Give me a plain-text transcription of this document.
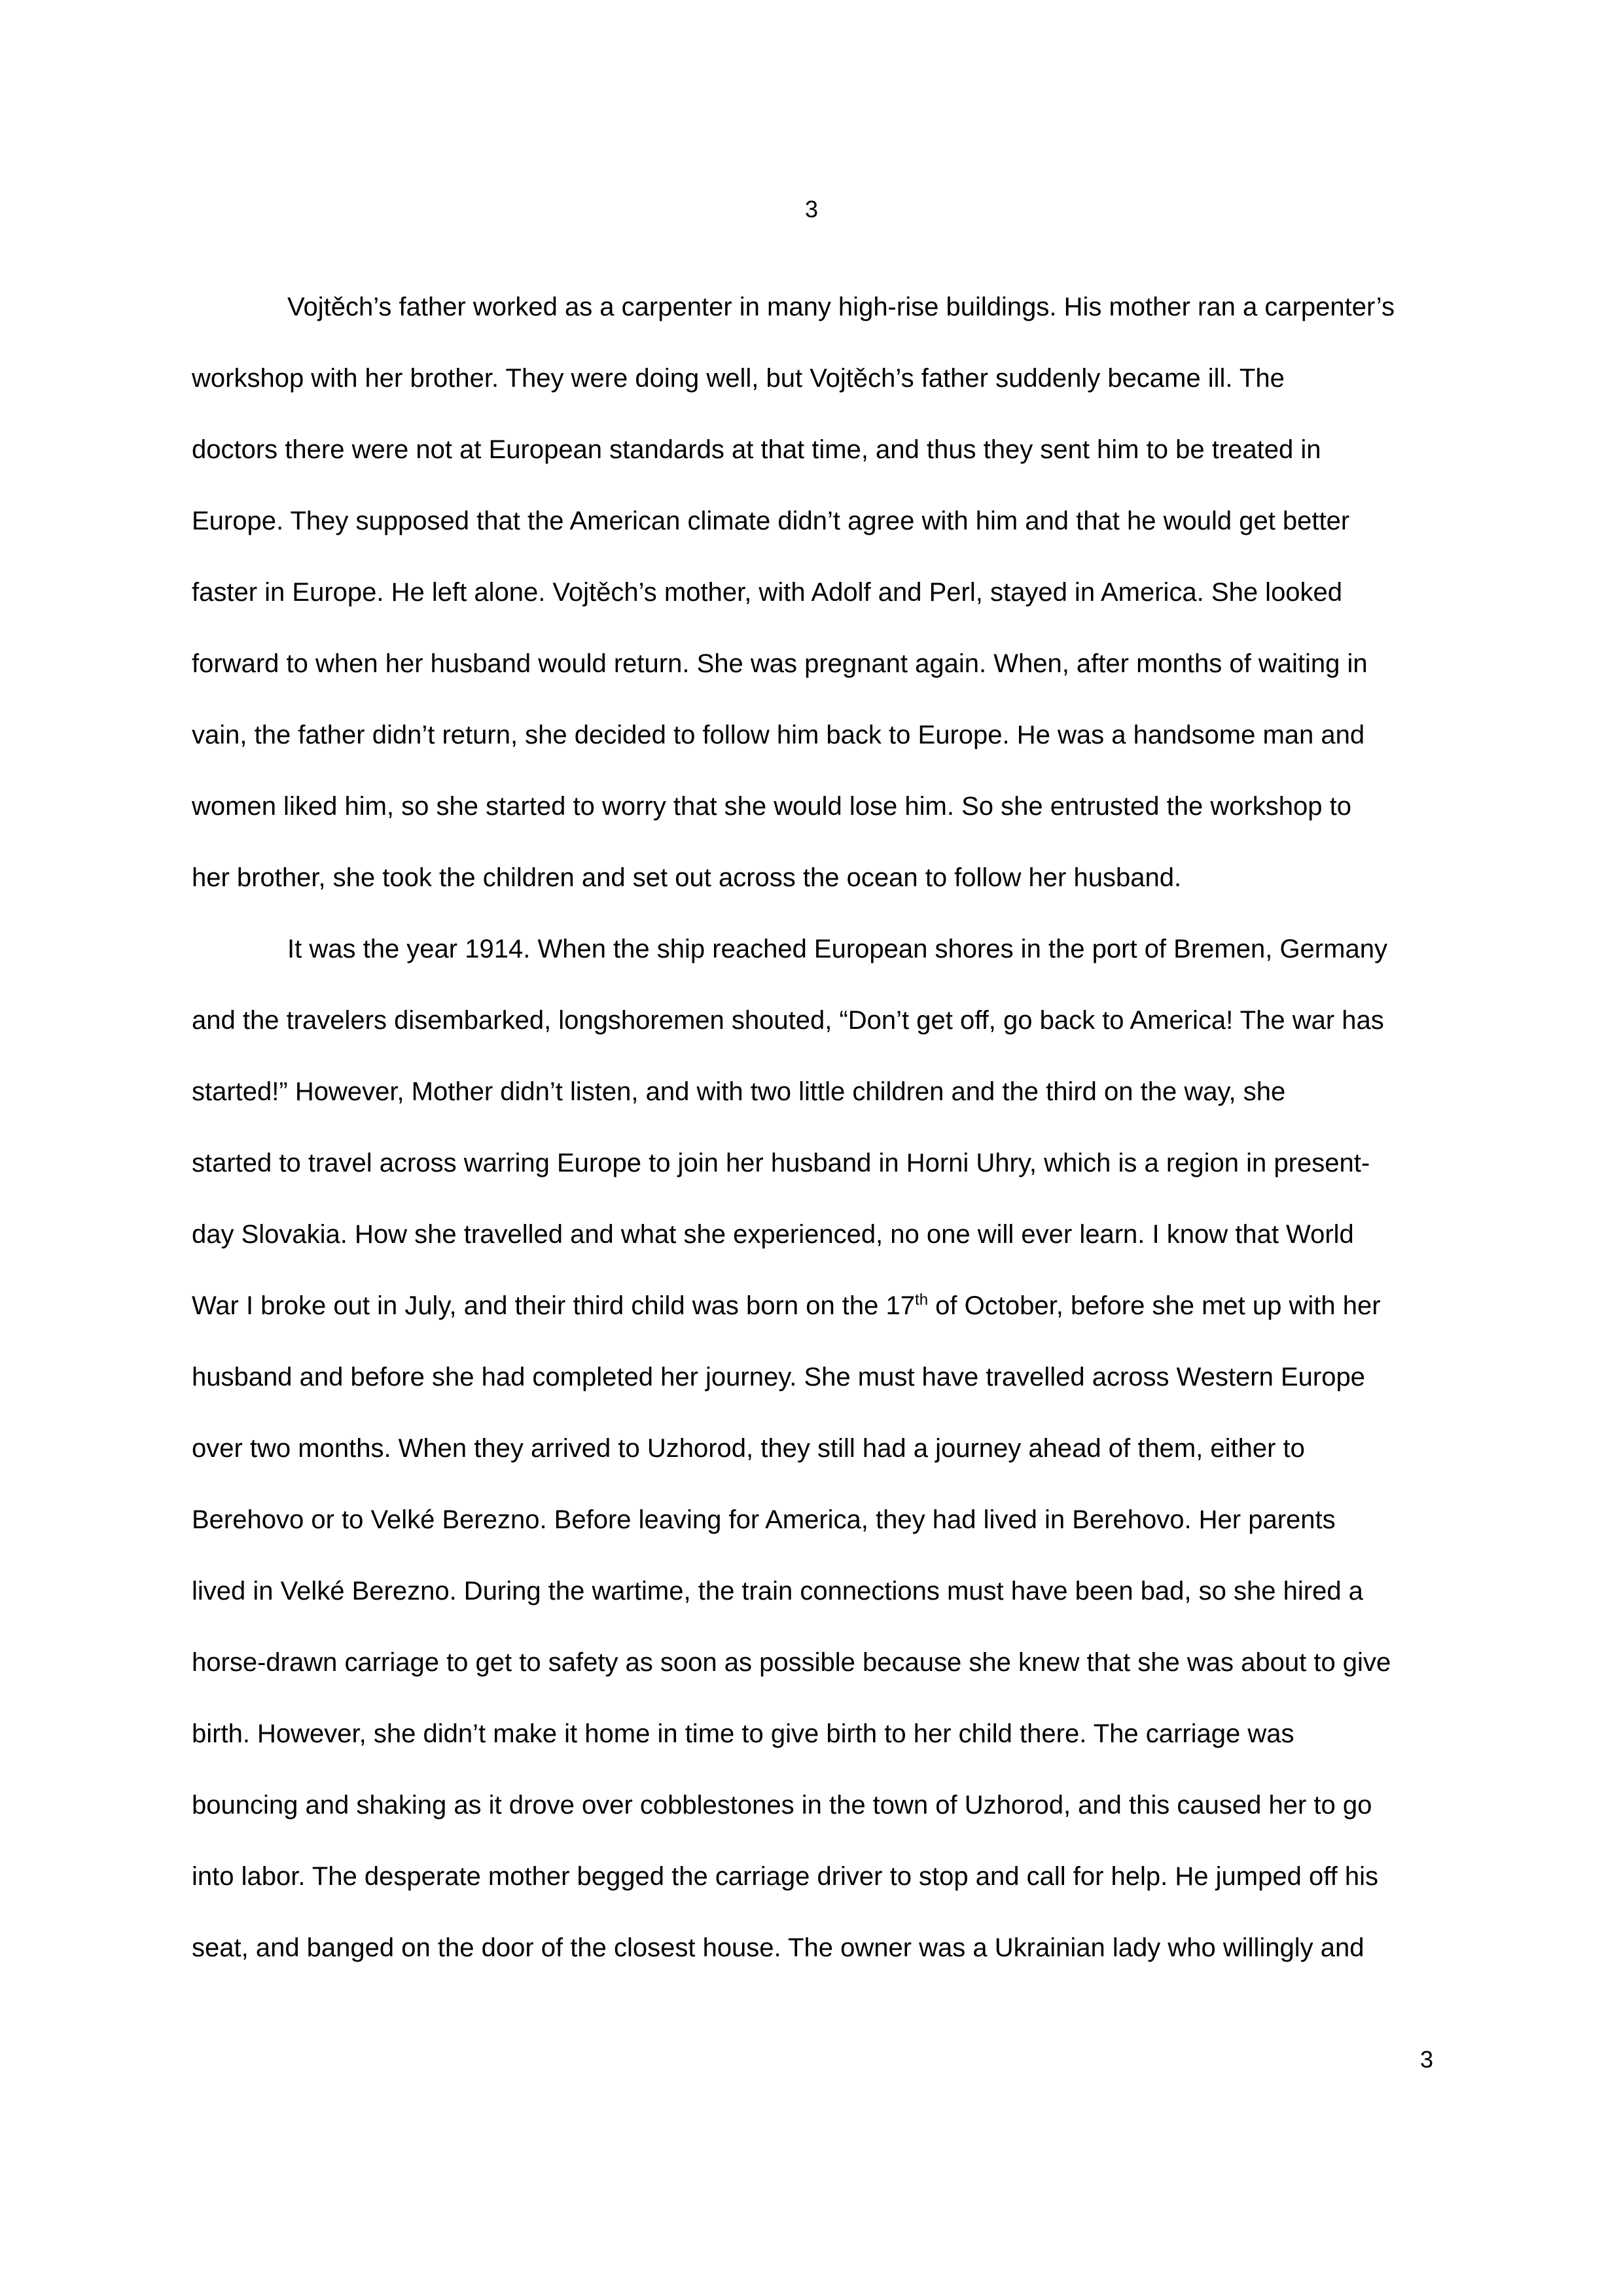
3
Vojtěch’s father worked as a carpenter in many high-rise buildings. His mother ran a carpenter’s
workshop with her brother. They were doing well, but Vojtěch’s father suddenly became ill. The
doctors there were not at European standards at that time, and thus they sent him to be treated in
Europe. They supposed that the American climate didn’t agree with him and that he would get better
faster in Europe. He left alone. Vojtěch’s mother, with Adolf and Perl, stayed in America. She looked
forward to when her husband would return. She was pregnant again. When, after months of waiting in
vain, the father didn’t return, she decided to follow him back to Europe. He was a handsome man and
women liked him, so she started to worry that she would lose him. So she entrusted the workshop to
her brother, she took the children and set out across the ocean to follow her husband.
It was the year 1914. When the ship reached European shores in the port of Bremen, Germany
and the travelers disembarked, longshoremen shouted, “Don’t get off, go back to America! The war has
started!” However, Mother didn’t listen, and with two little children and the third on the way, she
started to travel across warring Europe to join her husband in Horni Uhry, which is a region in present-
day Slovakia. How she travelled and what she experienced, no one will ever learn. I know that World
War I broke out in July, and their third child was born on the 17th of October, before she met up with her
husband and before she had completed her journey. She must have travelled across Western Europe
over two months. When they arrived to Uzhorod, they still had a journey ahead of them, either to
Berehovo or to Velké Berezno. Before leaving for America, they had lived in Berehovo. Her parents
lived in Velké Berezno. During the wartime, the train connections must have been bad, so she hired a
horse-drawn carriage to get to safety as soon as possible because she knew that she was about to give
birth. However, she didn’t make it home in time to give birth to her child there. The carriage was
bouncing and shaking as it drove over cobblestones in the town of Uzhorod, and this caused her to go
into labor. The desperate mother begged the carriage driver to stop and call for help. He jumped off his
seat, and banged on the door of the closest house. The owner was a Ukrainian lady who willingly and
3
